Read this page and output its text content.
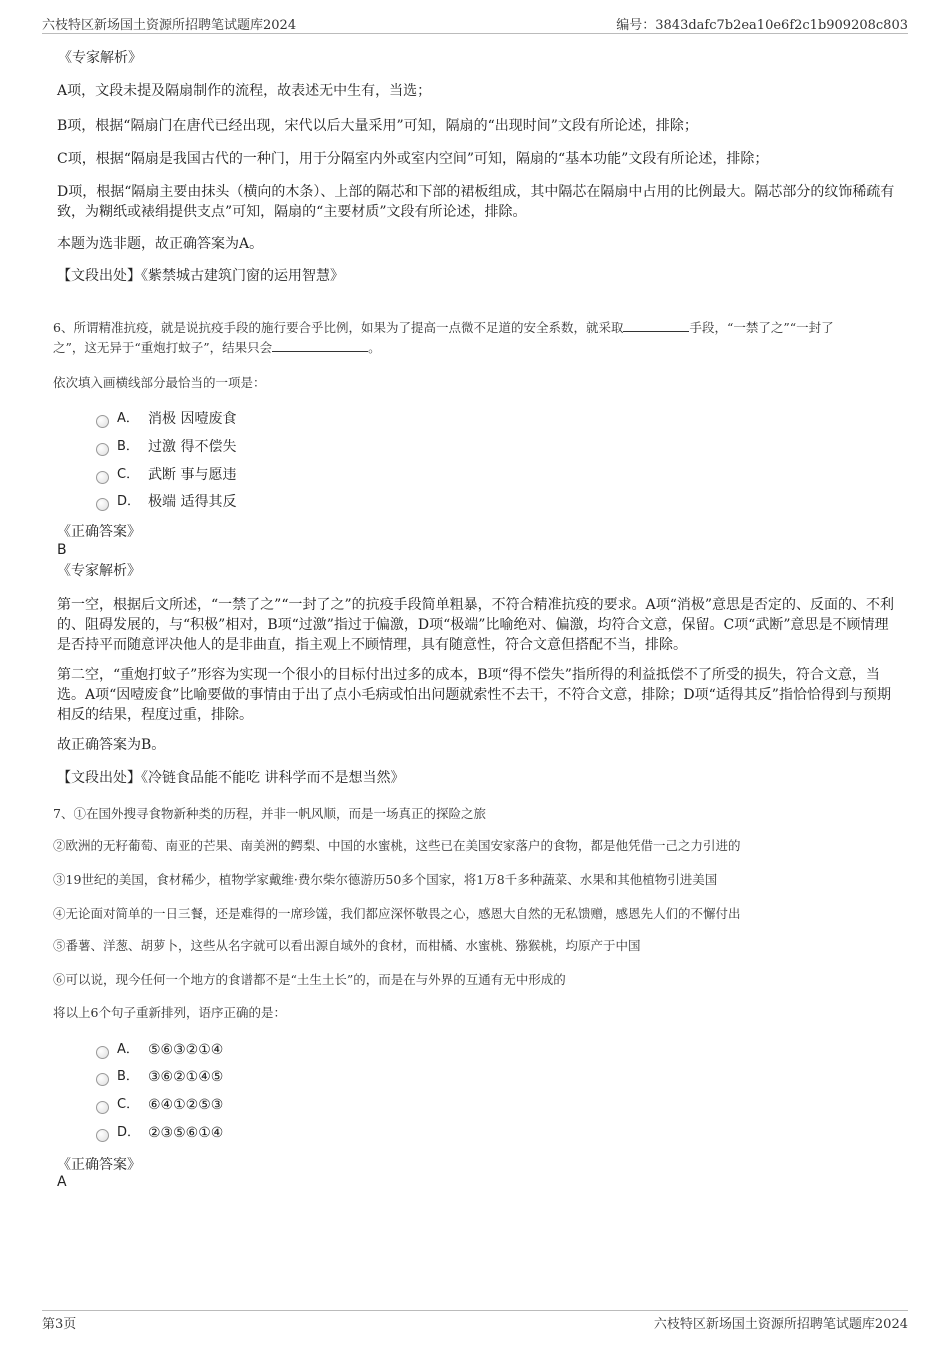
六枝特区新场国土资源所招聘笔试题库2024	编号：3843dafc7b2ea10e6f2c1b909208c803
《专家解析》
A项，文段未提及隔扇制作的流程，故表述无中生有，当选；
B项，根据“隔扇门在唐代已经出现，宋代以后大量采用”可知，隔扇的“出现时间”文段有所论述，排除；
C项，根据“隔扇是我国古代的一种门，用于分隔室内外或室内空间”可知，隔扇的“基本功能”文段有所论述，排除；
D项，根据“隔扇主要由抹头（横向的木条）、上部的隔芯和下部的裙板组成，其中隔芯在隔扇中占用的比例最大。隔芯部分的纹饰稀疏有致，为糊纸或裱绢提供支点”可知，隔扇的“主要材质”文段有所论述，排除。
本题为选非题，故正确答案为A。
【文段出处】《紫禁城古建筑门窗的运用智慧》
6、所谓精准抗疫，就是说抗疫手段的施行要合乎比例，如果为了提高一点微不足道的安全系数，就采取	手段，“一禁了之”“一封了
之”，这无异于“重炮打蚊子”，结果只会	。
依次填入画横线部分最恰当的一项是：
A． 消极 因噎废食
B． 过激 得不偿失
C． 武断 事与愿违
D． 极端 适得其反
《正确答案》
B
《专家解析》
第一空，根据后文所述，“一禁了之”“一封了之”的抗疫手段简单粗暴，不符合精准抗疫的要求。A项“消极”意思是否定的、反面的、不利的、阻碍发展的，与“积极”相对，B项“过激”指过于偏激，D项“极端”比喻绝对、偏激，均符合文意，保留。C项“武断”意思是不顾情理是否持平而随意评决他人的是非曲直，指主观上不顾情理，具有随意性，符合文意但搭配不当，排除。
第二空，“重炮打蚊子”形容为实现一个很小的目标付出过多的成本，B项“得不偿失”指所得的利益抵偿不了所受的损失，符合文意，当选。A项“因噎废食”比喻要做的事情由于出了点小毛病或怕出问题就索性不去干，不符合文意，排除；D项“适得其反”指恰恰得到与预期相反的结果，程度过重，排除。
故正确答案为B。
【文段出处】《冷链食品能不能吃 讲科学而不是想当然》
7、①在国外搜寻食物新种类的历程，并非一帆风顺，而是一场真正的探险之旅
②欧洲的无籽葡萄、南亚的芒果、南美洲的鳄梨、中国的水蜜桃，这些已在美国安家落户的食物，都是他凭借一己之力引进的
③19世纪的美国，食材稀少，植物学家戴维·费尔柴尔德游历50多个国家，将1万8千多种蔬菜、水果和其他植物引进美国
④无论面对简单的一日三餐，还是难得的一席珍馐，我们都应深怀敬畏之心，感恩大自然的无私馈赠，感恩先人们的不懈付出
⑤番薯、洋葱、胡萝卜，这些从名字就可以看出源自域外的食材，而柑橘、水蜜桃、猕猴桃，均原产于中国
⑥可以说，现今任何一个地方的食谱都不是“土生土长”的，而是在与外界的互通有无中形成的
将以上6个句子重新排列，语序正确的是：
A． ⑤⑥③②①④
B． ③⑥②①④⑤
C． ⑥④①②⑤③
D． ②③⑤⑥①④
《正确答案》
A
第3页	六枝特区新场国土资源所招聘笔试题库2024
